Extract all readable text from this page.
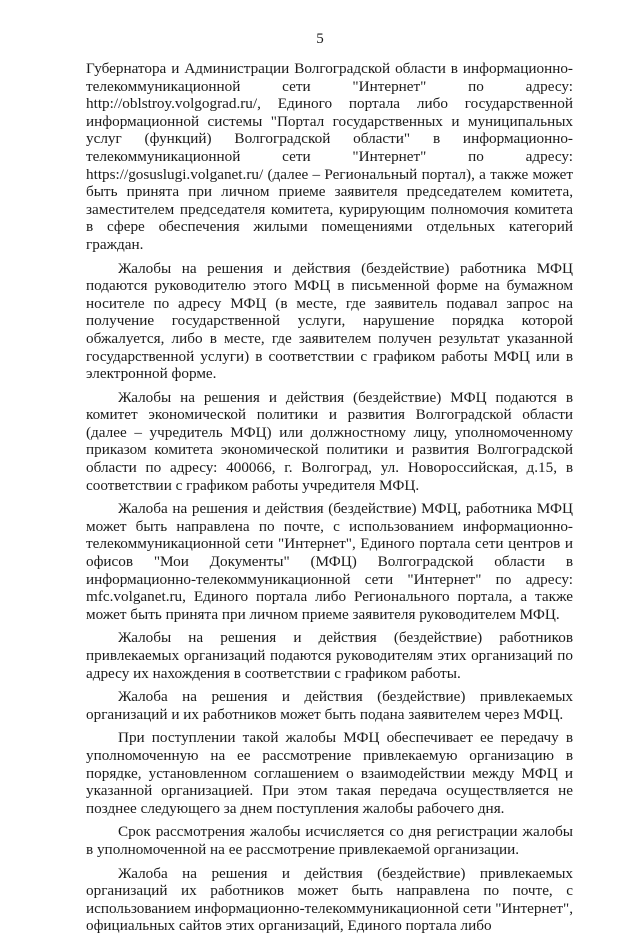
5

Губернатора и Администрации Волгоградской области в информационно-телекоммуникационной сети "Интернет" по адресу: http://oblstroy.volgograd.ru/, Единого портала либо государственной информационной системы "Портал государственных и муниципальных услуг (функций) Волгоградской области" в информационно-телекоммуникационной сети "Интернет" по адресу: https://gosuslugi.volganet.ru/ (далее – Региональный портал), а также может быть принята при личном приеме заявителя председателем комитета, заместителем председателя комитета, курирующим полномочия комитета в сфере обеспечения жилыми помещениями отдельных категорий граждан.

Жалобы на решения и действия (бездействие) работника МФЦ подаются руководителю этого МФЦ в письменной форме на бумажном носителе по адресу МФЦ (в месте, где заявитель подавал запрос на получение государственной услуги, нарушение порядка которой обжалуется, либо в месте, где заявителем получен результат указанной государственной услуги) в соответствии с графиком работы МФЦ или в электронной форме.

Жалобы на решения и действия (бездействие) МФЦ подаются в комитет экономической политики и развития Волгоградской области (далее – учредитель МФЦ) или должностному лицу, уполномоченному приказом комитета экономической политики и развития Волгоградской области по адресу: 400066, г. Волгоград, ул. Новороссийская, д.15, в соответствии с графиком работы учредителя МФЦ.

Жалоба на решения и действия (бездействие) МФЦ, работника МФЦ может быть направлена по почте, с использованием информационно-телекоммуникационной сети "Интернет", Единого портала сети центров и офисов "Мои Документы" (МФЦ) Волгоградской области в информационно-телекоммуникационной сети "Интернет" по адресу: mfc.volganet.ru, Единого портала либо Регионального портала, а также может быть принята при личном приеме заявителя руководителем МФЦ.

Жалобы на решения и действия (бездействие) работников привлекаемых организаций подаются руководителям этих организаций по адресу их нахождения в соответствии с графиком работы.

Жалоба на решения и действия (бездействие) привлекаемых организаций и их работников может быть подана заявителем через МФЦ.

При поступлении такой жалобы МФЦ обеспечивает ее передачу в уполномоченную на ее рассмотрение привлекаемую организацию в порядке, установленном соглашением о взаимодействии между МФЦ и указанной организацией. При этом такая передача осуществляется не позднее следующего за днем поступления жалобы рабочего дня.

Срок рассмотрения жалобы исчисляется со дня регистрации жалобы в уполномоченной на ее рассмотрение привлекаемой организации.

Жалоба на решения и действия (бездействие) привлекаемых организаций их работников может быть направлена по почте, с использованием информационно-телекоммуникационной сети "Интернет", официальных сайтов этих организаций, Единого портала либо
